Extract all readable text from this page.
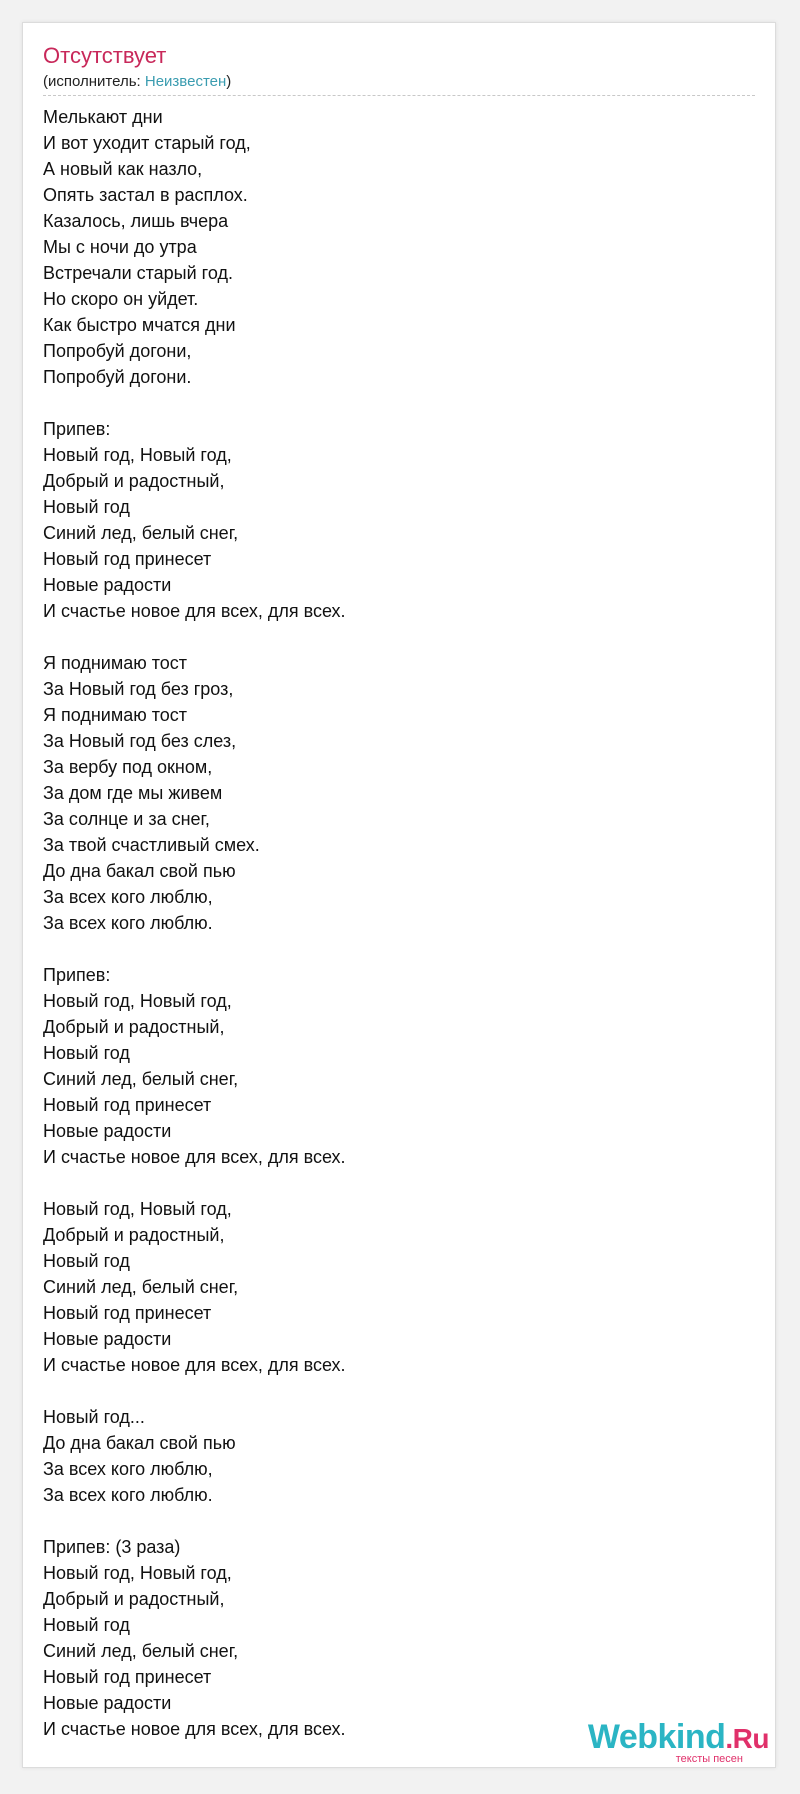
Отсутствует
(исполнитель: Неизвестен)
Мелькают дни
И вот уходит старый год,
А новый как назло,
Опять застал в расплох.
Казалось, лишь вчера
Мы с ночи до утра
Встречали старый год.
Но скоро он уйдет.
Как быстро мчатся дни
Попробуй догони,
Попробуй догони.
Припев:
Новый год, Новый год,
Добрый и радостный,
Новый год
Синий лед, белый снег,
Новый год принесет
Новые радости
И счастье новое для всех, для всех.
Я поднимаю тост
За Новый год без гроз,
Я поднимаю тост
За Новый год без слез,
За вербу под окном,
За дом где мы живем
За солнце и за снег,
За твой счастливый смех.
До дна бакал свой пью
За всех кого люблю,
За всех кого люблю.
Припев:
Новый год, Новый год,
Добрый и радостный,
Новый год
Синий лед, белый снег,
Новый год принесет
Новые радости
И счастье новое для всех, для всех.
Новый год, Новый год,
Добрый и радостный,
Новый год
Синий лед, белый снег,
Новый год принесет
Новые радости
И счастье новое для всех, для всех.
Новый год...
До дна бакал свой пью
За всех кого люблю,
За всех кого люблю.
Припев: (3 раза)
Новый год, Новый год,
Добрый и радостный,
Новый год
Синий лед, белый снег,
Новый год принесет
Новые радости
И счастье новое для всех, для всех.	Webkind.Ru
тексты песен
